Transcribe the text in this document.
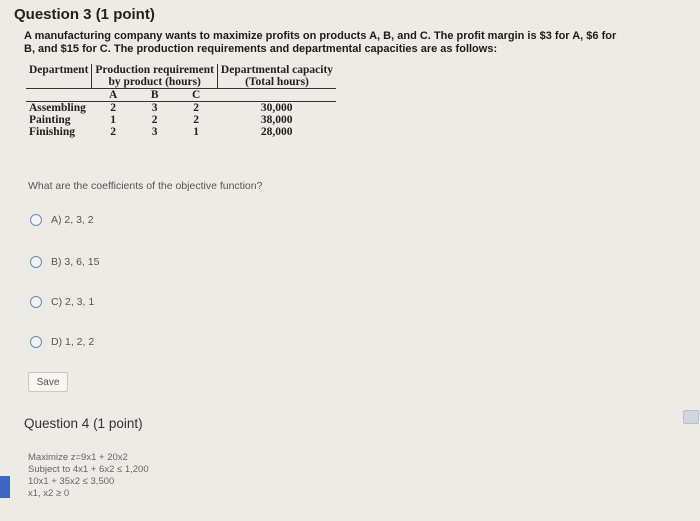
Question 3 (1 point)
A manufacturing company wants to maximize profits on products A, B, and C. The profit margin is $3 for A, $6 for
B, and $15 for C. The production requirements and departmental capacities are as follows:
Department	Production requirement			Departmental capacity
	by product (hours)			(Total hours)
	A	B	C	
Assembling	2	3	2	30,000
Painting	1	2	2	38,000
Finishing	2	3	1	28,000
What are the coefficients of the objective function?
A) 2, 3, 2
B) 3, 6, 15
C) 2, 3, 1
D) 1, 2, 2
Save
Question 4 (1 point)
Maximize z=9x1 + 20x2
Subject to 4x1 + 6x2 ≤ 1,200
10x1 + 35x2 ≤ 3,500
x1, x2 ≥ 0
